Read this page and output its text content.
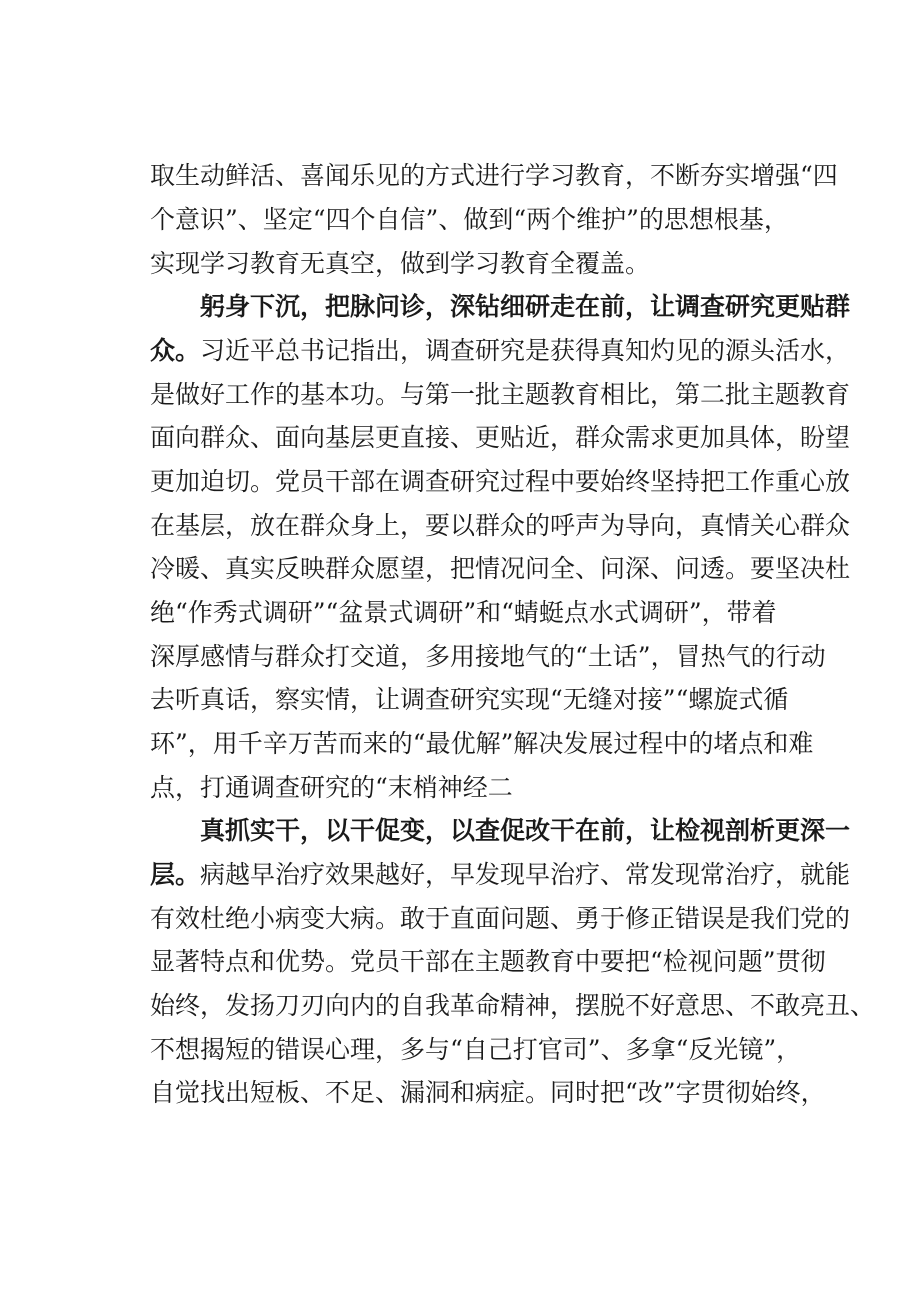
取生动鲜活、喜闻乐见的方式进行学习教育，不断夯实增强“四
个意识”、坚定“四个自信”、做到“两个维护”的思想根基，
实现学习教育无真空，做到学习教育全覆盖。
躬身下沉，把脉问诊，深钻细研走在前，让调查研究更贴群
众。习近平总书记指出，调查研究是获得真知灼见的源头活水，
是做好工作的基本功。与第一批主题教育相比，第二批主题教育
面向群众、面向基层更直接、更贴近，群众需求更加具体，盼望
更加迫切。党员干部在调查研究过程中要始终坚持把工作重心放
在基层，放在群众身上，要以群众的呼声为导向，真情关心群众
冷暖、真实反映群众愿望，把情况问全、问深、问透。要坚决杜
绝“作秀式调研”“盆景式调研”和“蜻蜓点水式调研”，带着
深厚感情与群众打交道，多用接地气的“土话”，冒热气的行动
去听真话，察实情，让调查研究实现“无缝对接”“螺旋式循
环”，用千辛万苦而来的“最优解”解决发展过程中的堵点和难
点，打通调查研究的“末梢神经二
真抓实干，以干促变，以查促改干在前，让检视剖析更深一
层。病越早治疗效果越好，早发现早治疗、常发现常治疗，就能
有效杜绝小病变大病。敢于直面问题、勇于修正错误是我们党的
显著特点和优势。党员干部在主题教育中要把“检视问题”贯彻
始终，发扬刀刃向内的自我革命精神，摆脱不好意思、不敢亮丑、
不想揭短的错误心理，多与“自己打官司”、多拿“反光镜”，
自觉找出短板、不足、漏洞和病症。同时把“改”字贯彻始终，
